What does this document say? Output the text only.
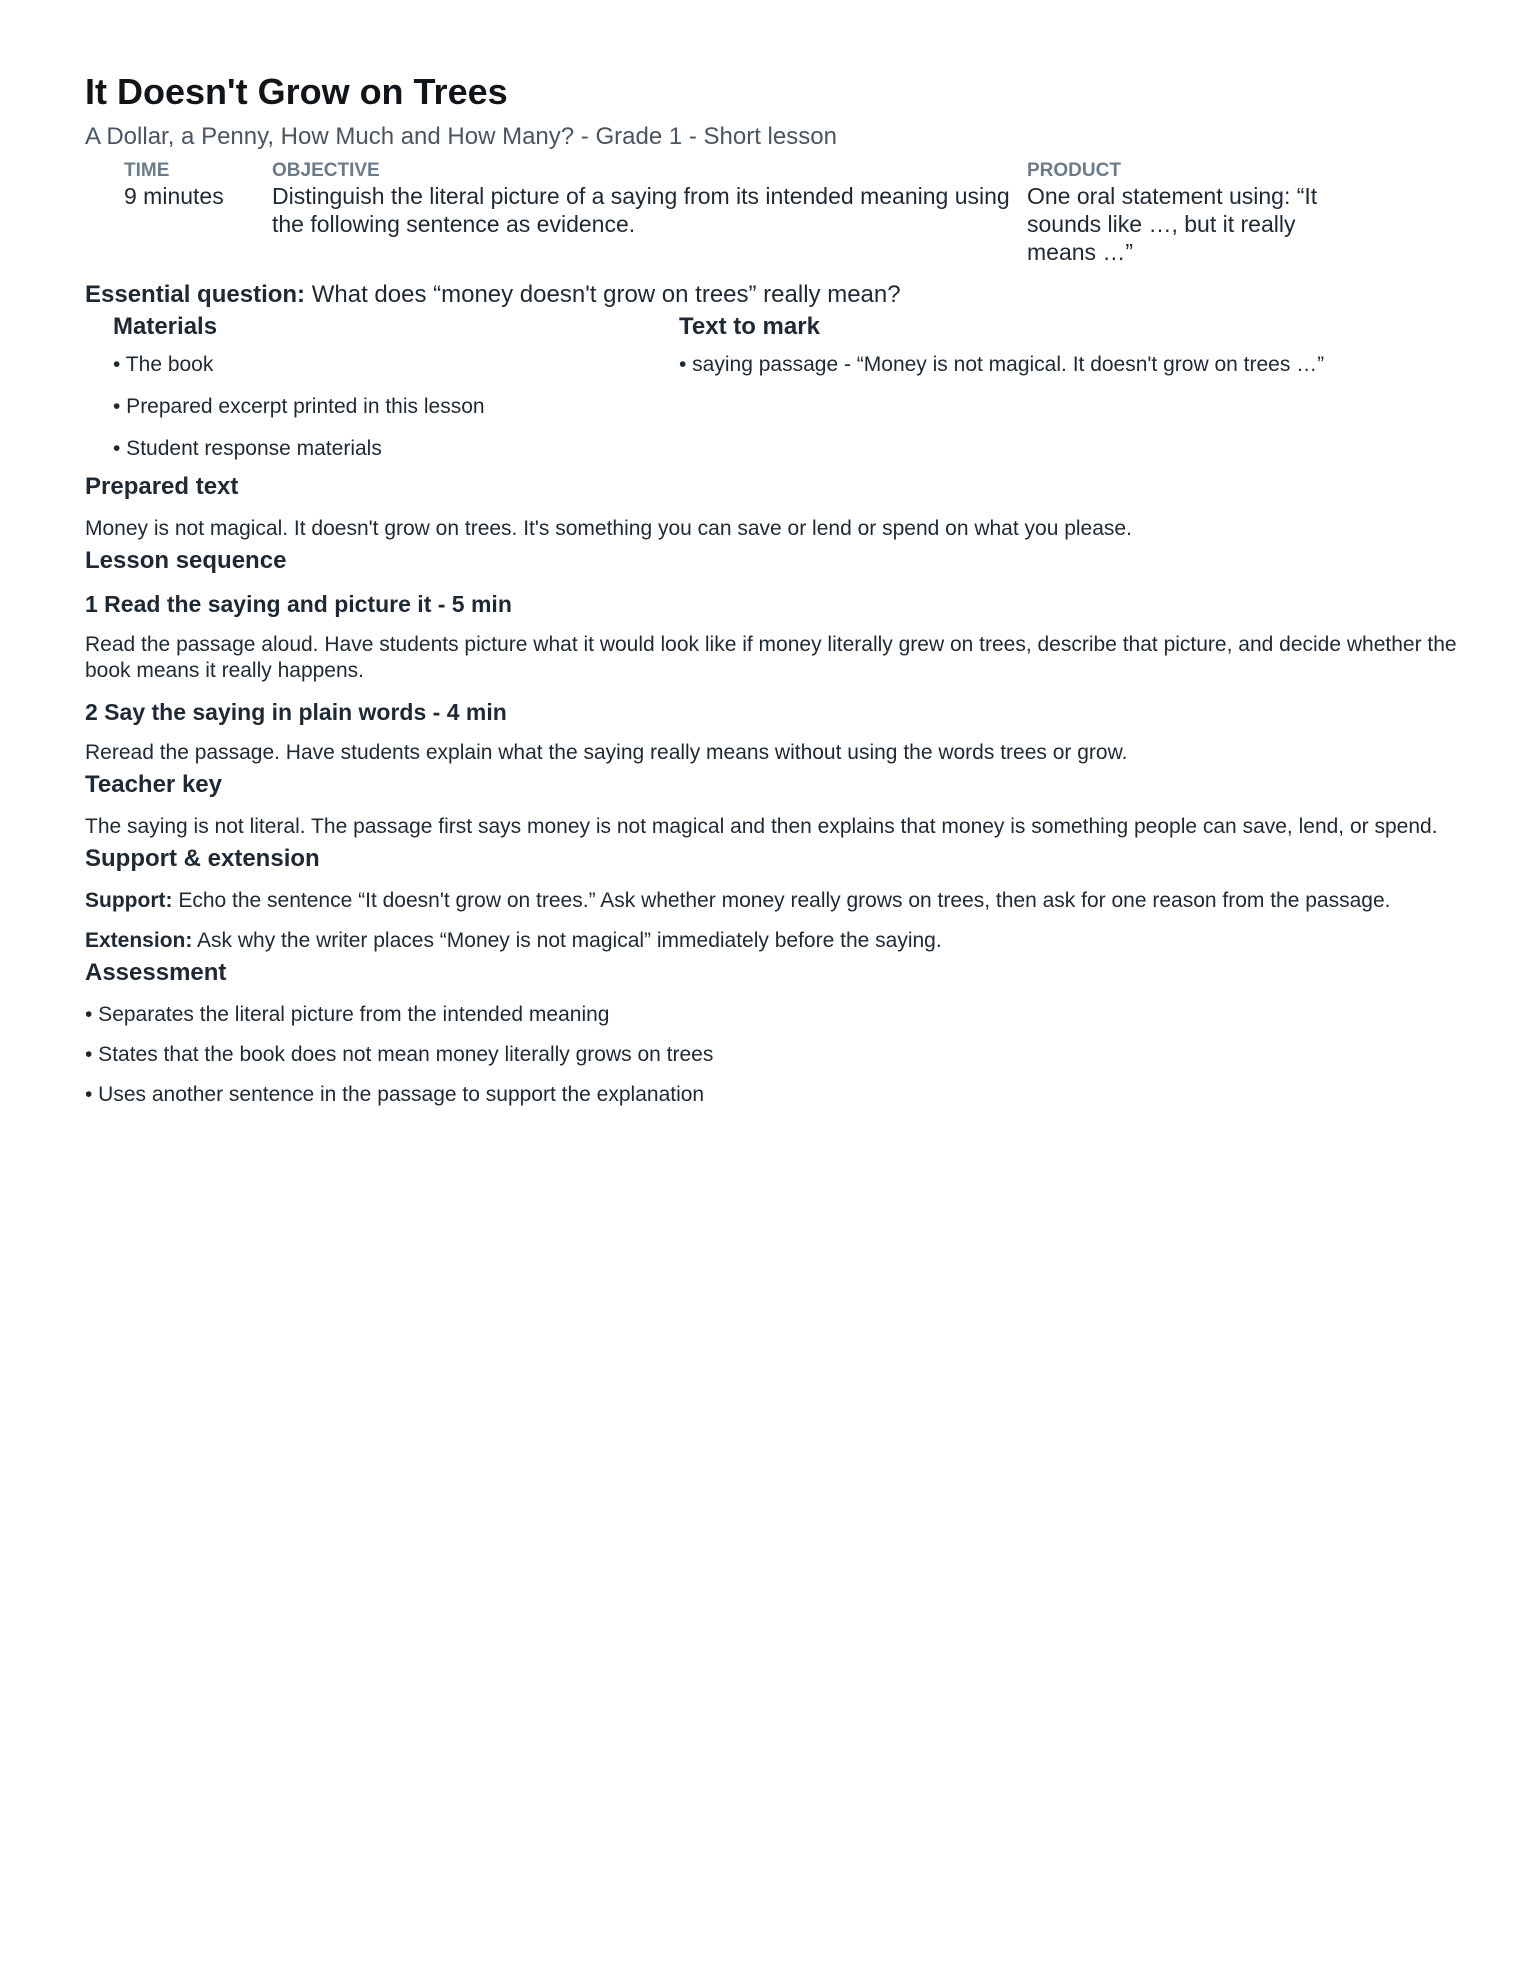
It Doesn't Grow on Trees
A Dollar, a Penny, How Much and How Many? - Grade 1 - Short lesson
TIME
9 minutes
OBJECTIVE
Distinguish the literal picture of a saying from its intended meaning using the following sentence as evidence.
PRODUCT
One oral statement using: “It sounds like …, but it really means …”
Essential question: What does “money doesn't grow on trees” really mean?
Materials
• The book
• Prepared excerpt printed in this lesson
• Student response materials
Text to mark
• saying passage - “Money is not magical. It doesn't grow on trees …”
Prepared text
Money is not magical. It doesn't grow on trees. It's something you can save or lend or spend on what you please.
Lesson sequence
1 Read the saying and picture it - 5 min
Read the passage aloud. Have students picture what it would look like if money literally grew on trees, describe that picture, and decide whether the book means it really happens.
2 Say the saying in plain words - 4 min
Reread the passage. Have students explain what the saying really means without using the words trees or grow.
Teacher key
The saying is not literal. The passage first says money is not magical and then explains that money is something people can save, lend, or spend.
Support & extension
Support: Echo the sentence “It doesn't grow on trees.” Ask whether money really grows on trees, then ask for one reason from the passage.
Extension: Ask why the writer places “Money is not magical” immediately before the saying.
Assessment
• Separates the literal picture from the intended meaning
• States that the book does not mean money literally grows on trees
• Uses another sentence in the passage to support the explanation
